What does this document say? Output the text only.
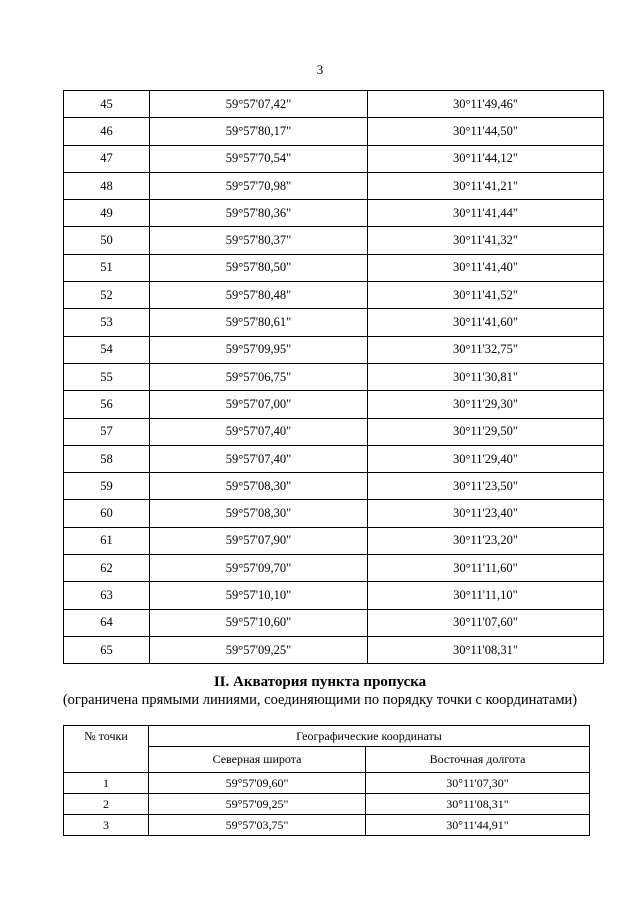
3
45	59°57'07,42"	30°11'49,46"
46	59°57'80,17"	30°11'44,50"
47	59°57'70,54"	30°11'44,12"
48	59°57'70,98"	30°11'41,21"
49	59°57'80,36"	30°11'41,44"
50	59°57'80,37"	30°11'41,32"
51	59°57'80,50"	30°11'41,40"
52	59°57'80,48"	30°11'41,52"
53	59°57'80,61"	30°11'41,60"
54	59°57'09,95"	30°11'32,75"
55	59°57'06,75"	30°11'30,81"
56	59°57'07,00"	30°11'29,30"
57	59°57'07,40"	30°11'29,50"
58	59°57'07,40"	30°11'29,40"
59	59°57'08,30"	30°11'23,50"
60	59°57'08,30"	30°11'23,40"
61	59°57'07,90"	30°11'23,20"
62	59°57'09,70"	30°11'11,60"
63	59°57'10,10"	30°11'11,10"
64	59°57'10,60"	30°11'07,60"
65	59°57'09,25"	30°11'08,31"
II. Акватория пункта пропуска
(ограничена прямыми линиями, соединяющими по порядку точки с координатами)
№ точки	Географические координаты	
	Северная широта	Восточная долгота
1	59°57'09,60"	30°11'07,30"
2	59°57'09,25"	30°11'08,31"
3	59°57'03,75"	30°11'44,91"
